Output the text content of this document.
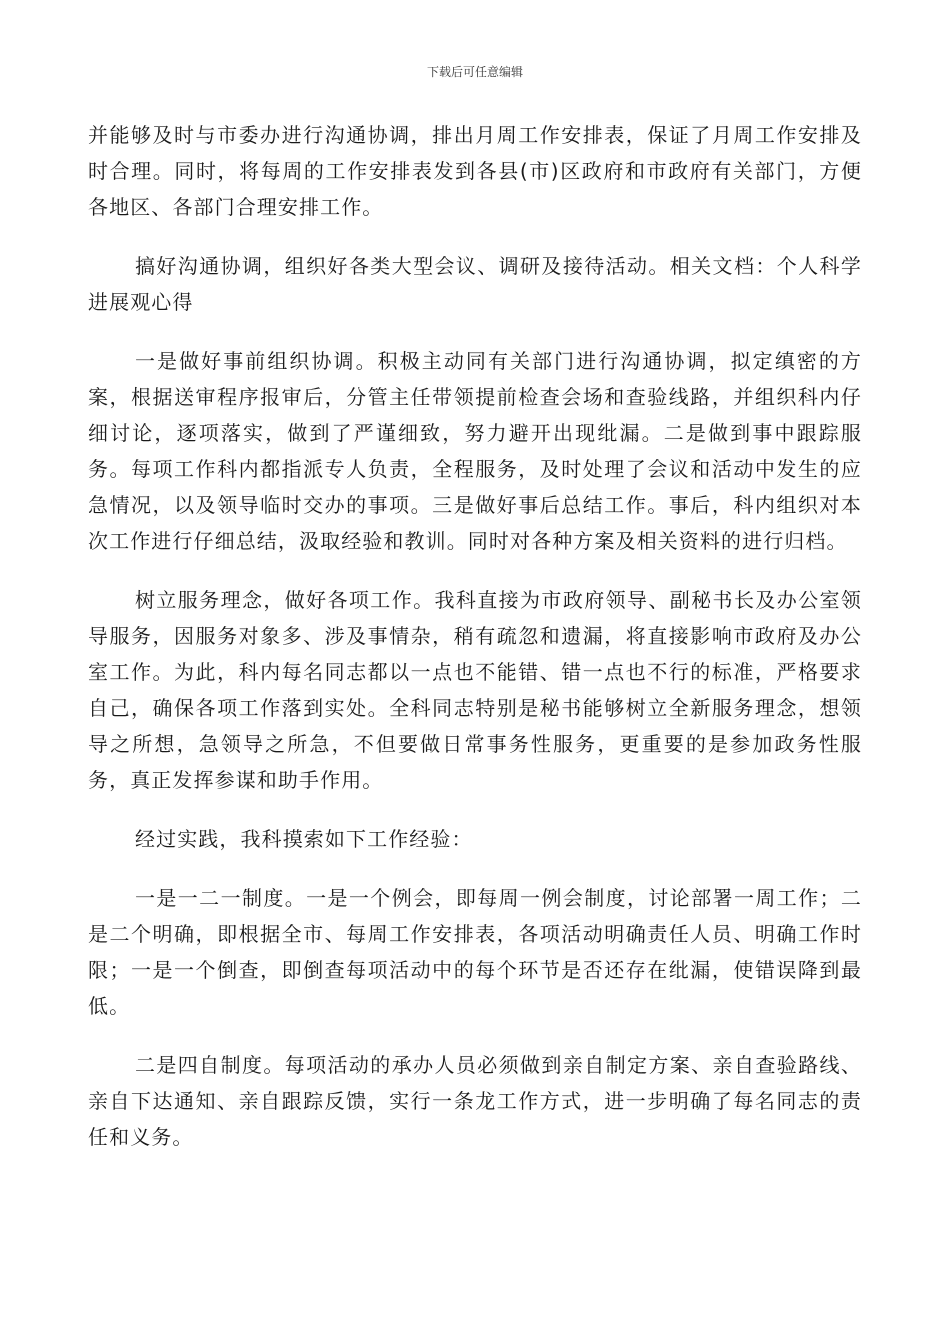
下载后可任意编辑

并能够及时与市委办进行沟通协调，排出月周工作安排表，保证了月周工作安排及时合理。同时，将每周的工作安排表发到各县(市)区政府和市政府有关部门，方便各地区、各部门合理安排工作。

搞好沟通协调，组织好各类大型会议、调研及接待活动。相关文档：个人科学进展观心得

一是做好事前组织协调。积极主动同有关部门进行沟通协调，拟定缜密的方案，根据送审程序报审后，分管主任带领提前检查会场和查验线路，并组织科内仔细讨论，逐项落实，做到了严谨细致，努力避开出现纰漏。二是做到事中跟踪服务。每项工作科内都指派专人负责，全程服务，及时处理了会议和活动中发生的应急情况，以及领导临时交办的事项。三是做好事后总结工作。事后，科内组织对本次工作进行仔细总结，汲取经验和教训。同时对各种方案及相关资料的进行归档。

树立服务理念，做好各项工作。我科直接为市政府领导、副秘书长及办公室领导服务，因服务对象多、涉及事情杂，稍有疏忽和遗漏，将直接影响市政府及办公室工作。为此，科内每名同志都以一点也不能错、错一点也不行的标准，严格要求自己，确保各项工作落到实处。全科同志特别是秘书能够树立全新服务理念，想领导之所想，急领导之所急，不但要做日常事务性服务，更重要的是参加政务性服务，真正发挥参谋和助手作用。

经过实践，我科摸索如下工作经验：

一是一二一制度。一是一个例会，即每周一例会制度，讨论部署一周工作；二是二个明确，即根据全市、每周工作安排表，各项活动明确责任人员、明确工作时限；一是一个倒查，即倒查每项活动中的每个环节是否还存在纰漏，使错误降到最低。

二是四自制度。每项活动的承办人员必须做到亲自制定方案、亲自查验路线、亲自下达通知、亲自跟踪反馈，实行一条龙工作方式，进一步明确了每名同志的责任和义务。
